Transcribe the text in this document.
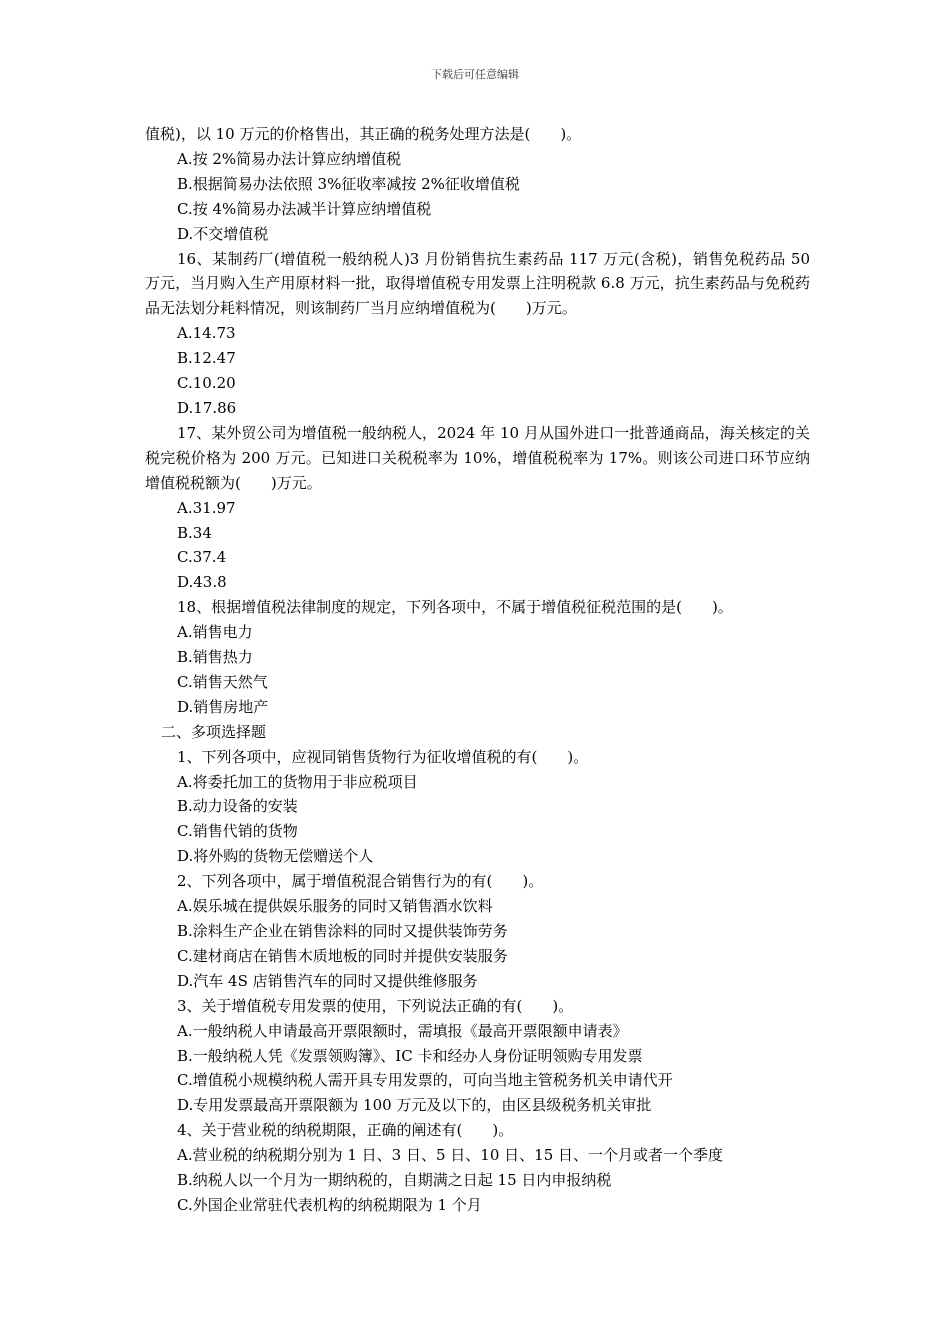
下载后可任意编辑
值税)，以 10 万元的价格售出，其正确的税务处理方法是(　　)。
A.按 2%简易办法计算应纳增值税
B.根据简易办法依照 3%征收率减按 2%征收增值税
C.按 4%简易办法减半计算应纳增值税
D.不交增值税
16、某制药厂(增值税一般纳税人)3 月份销售抗生素药品 117 万元(含税)，销售免税药品 50 万元，当月购入生产用原材料一批，取得增值税专用发票上注明税款 6.8 万元，抗生素药品与免税药品无法划分耗料情况，则该制药厂当月应纳增值税为(　　)万元。
A.14.73
B.12.47
C.10.20
D.17.86
17、某外贸公司为增值税一般纳税人，2024 年 10 月从国外进口一批普通商品，海关核定的关税完税价格为 200 万元。已知进口关税税率为 10%，增值税税率为 17%。则该公司进口环节应纳增值税税额为(　　)万元。
A.31.97
B.34
C.37.4
D.43.8
18、根据增值税法律制度的规定，下列各项中，不属于增值税征税范围的是(　　)。
A.销售电力
B.销售热力
C.销售天然气
D.销售房地产
二、多项选择题
1、下列各项中，应视同销售货物行为征收增值税的有(　　)。
A.将委托加工的货物用于非应税项目
B.动力设备的安装
C.销售代销的货物
D.将外购的货物无偿赠送个人
2、下列各项中，属于增值税混合销售行为的有(　　)。
A.娱乐城在提供娱乐服务的同时又销售酒水饮料
B.涂料生产企业在销售涂料的同时又提供装饰劳务
C.建材商店在销售木质地板的同时并提供安装服务
D.汽车 4S 店销售汽车的同时又提供维修服务
3、关于增值税专用发票的使用，下列说法正确的有(　　)。
A.一般纳税人申请最高开票限额时，需填报《最高开票限额申请表》
B.一般纳税人凭《发票领购簿》、IC 卡和经办人身份证明领购专用发票
C.增值税小规模纳税人需开具专用发票的，可向当地主管税务机关申请代开
D.专用发票最高开票限额为 100 万元及以下的，由区县级税务机关审批
4、关于营业税的纳税期限，正确的阐述有(　　)。
A.营业税的纳税期分别为 1 日、3 日、5 日、10 日、15 日、一个月或者一个季度
B.纳税人以一个月为一期纳税的，自期满之日起 15 日内申报纳税
C.外国企业常驻代表机构的纳税期限为 1 个月
